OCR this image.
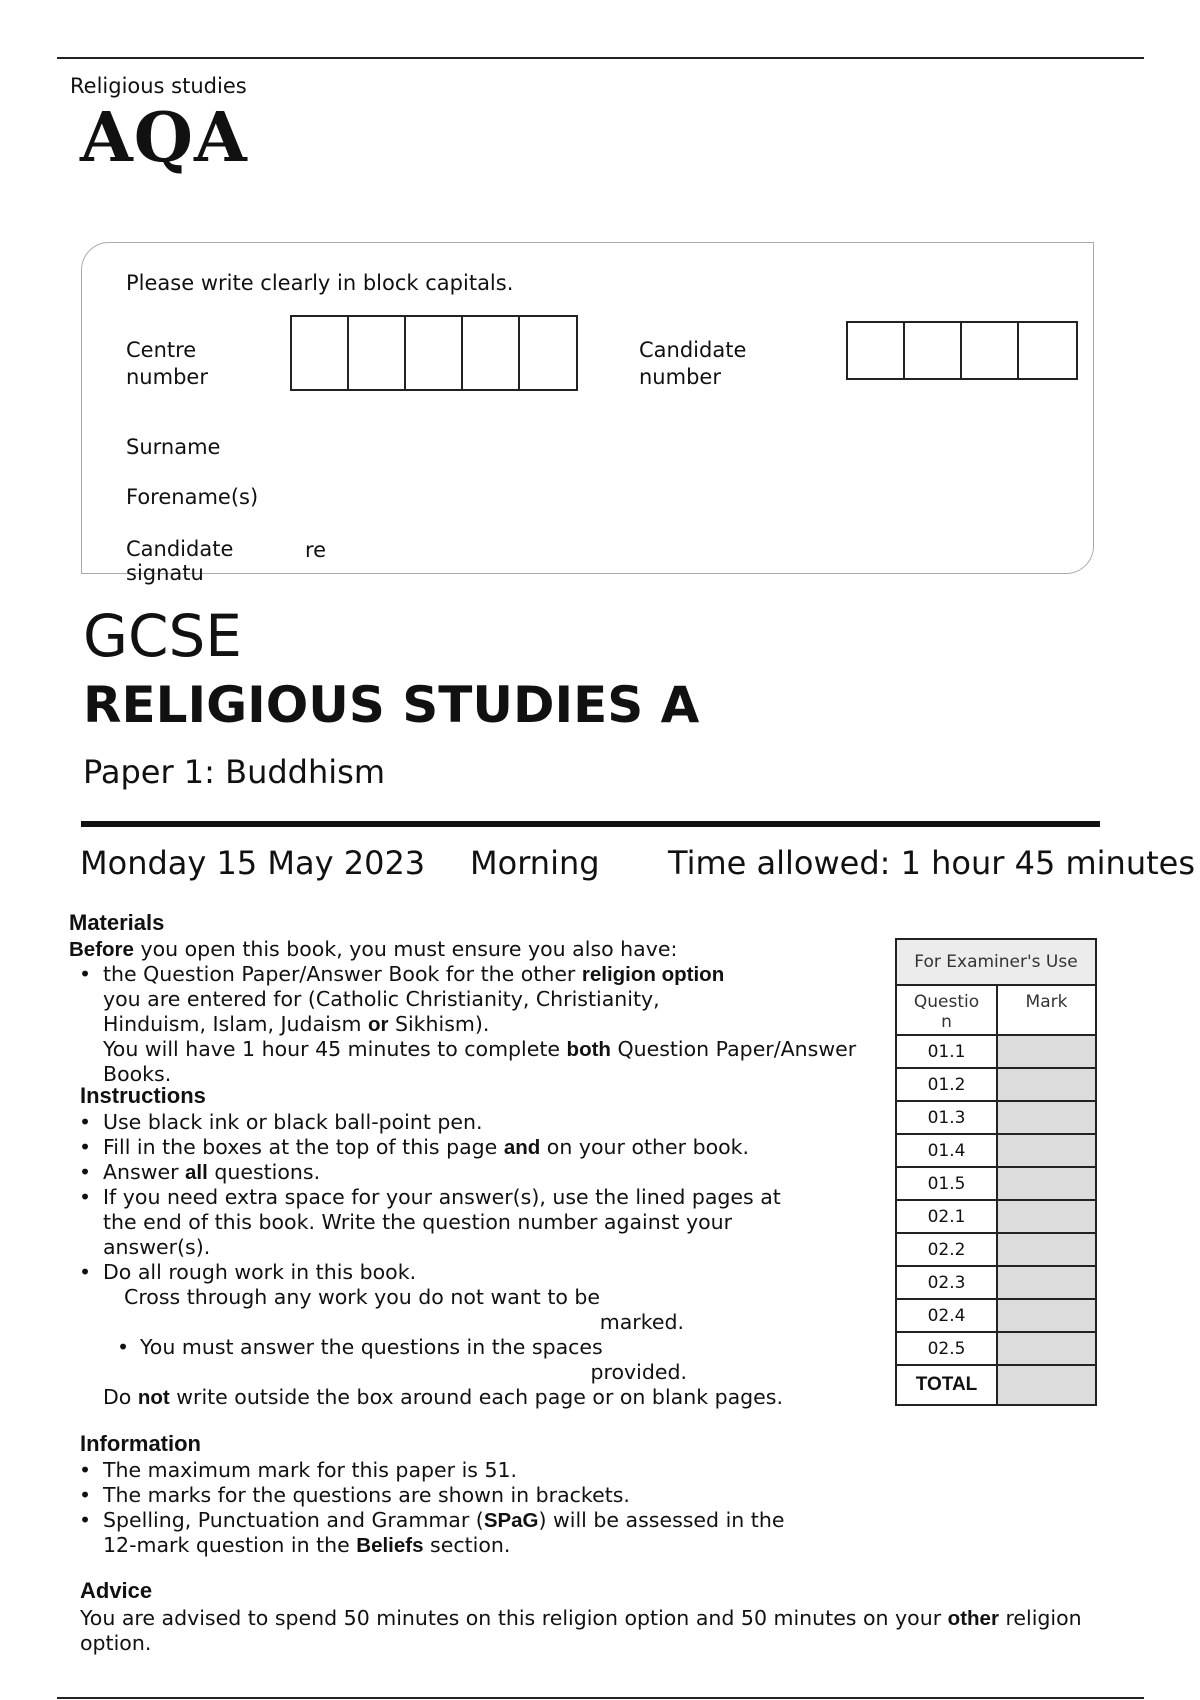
Religious studies
AQA
Please write clearly in block capitals.
Centre
number
Candidate
number
Surname
Forename(s)
Candidate
signatu
re
GCSE
RELIGIOUS STUDIES A
Paper 1: Buddhism
Monday 15 May 2023 Morning Time allowed: 1 hour 45 minutes
Materials
Before you open this book, you must ensure you also have:
• the Question Paper/Answer Book for the other religion option
you are entered for (Catholic Christianity, Christianity,
Hinduism, Islam, Judaism or Sikhism).
You will have 1 hour 45 minutes to complete both Question Paper/Answer Books.
Instructions
• Use black ink or black ball-point pen.
• Fill in the boxes at the top of this page and on your other book.
• Answer all questions.
• If you need extra space for your answer(s), use the lined pages at
the end of this book. Write the question number against your
answer(s).
• Do all rough work in this book.
Cross through any work you do not want to be
marked.
• You must answer the questions in the spaces
provided.
Do not write outside the box around each page or on blank pages.
Information
• The maximum mark for this paper is 51.
• The marks for the questions are shown in brackets.
• Spelling, Punctuation and Grammar (SPaG) will be assessed in the
12-mark question in the Beliefs section.
Advice
You are advised to spend 50 minutes on this religion option and 50 minutes on your other religion
option.
For Examiner's Use	
Questio
n	Mark
01.1	
01.2	
01.3	
01.4	
01.5	
02.1	
02.2	
02.3	
02.4	
02.5	
TOTAL	
